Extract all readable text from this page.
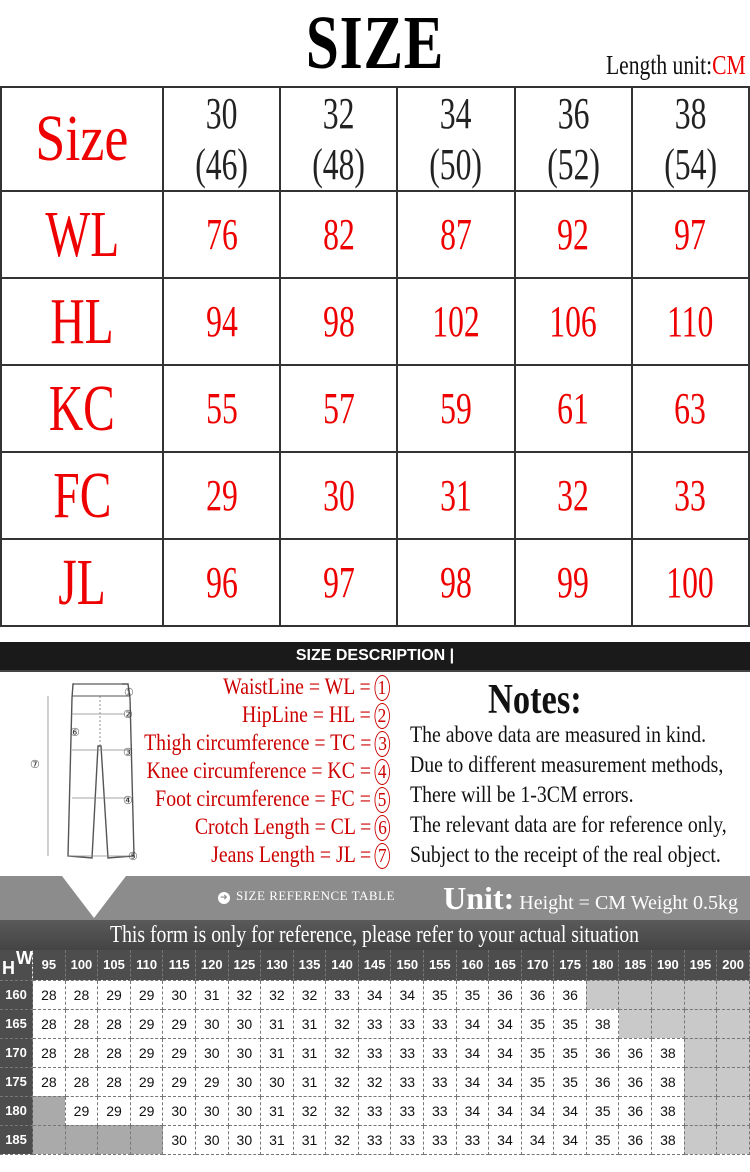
SIZE	Length unit:CM
Size	30 (46)	32 (48)	34 (50)	36 (52)	38 (54)
WL	76	82	87	92	97
HL	94	98	102	106	110
KC	55	57	59	61	63
FC	29	30	31	32	33
JL	96	97	98	99	100
SIZE DESCRIPTION |
①
②
③
④
⑤
⑥
⑦
WaistLine = WL = 1
HipLine = HL = 2
Thigh circumference = TC = 3
Knee circumference = KC = 4
Foot circumference = FC = 5
Crotch Length = CL = 6
Jeans Length = JL = 7
Notes:
The above data are measured in kind.
Due to different measurement methods,
There will be 1-3CM errors.
The relevant data are for reference only,
Subject to the receipt of the real object.
➜ SIZE REFERENCE TABLE Unit: Height = CM Weight 0.5kg
This form is only for reference, please refer to your actual situation
H W	95	100	105	110	115	120	125	130	135	140	145	150	155	160	165	170	175	180	185	190	195	200
160	28	28	29	29	30	31	32	32	32	33	34	34	35	35	36	36	36					
165	28	28	28	29	29	30	30	31	31	32	33	33	33	34	34	35	35	38				
170	28	28	28	29	29	30	30	31	31	32	33	33	33	34	34	35	35	36	36	38		
175	28	28	28	29	29	29	30	30	31	32	32	33	33	34	34	35	35	36	36	38		
180		29	29	29	30	30	30	31	32	32	33	33	33	34	34	34	34	35	36	38		
185					30	30	30	31	31	32	33	33	33	33	34	34	34	35	36	38		
